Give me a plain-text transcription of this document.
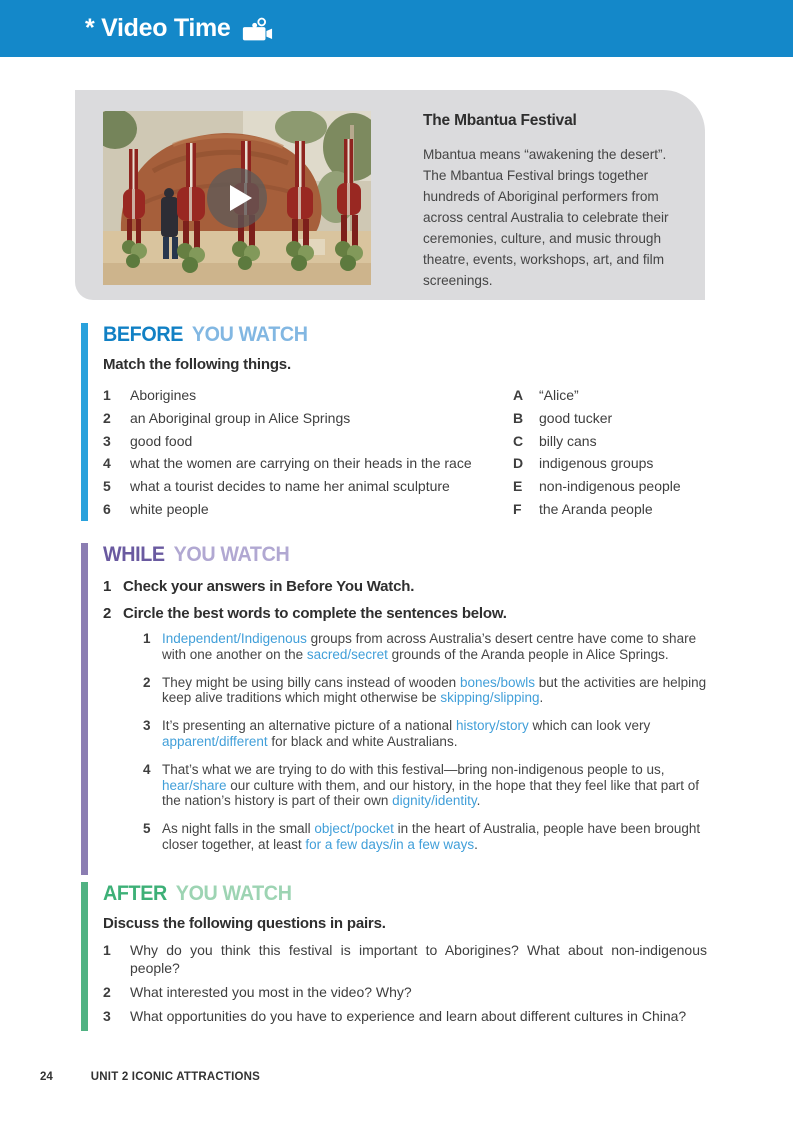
* Video Time
The Mbantua Festival

Mbantua means “awakening the desert”. The Mbantua Festival brings together hundreds of Aboriginal performers from across central Australia to celebrate their ceremonies, culture, and music through theatre, events, workshops, art, and film screenings.

BEFORE YOU WATCH

Match the following things.

1	Aborigines
2	an Aboriginal group in Alice Springs
3	good food
4	what the women are carrying on their heads in the race
5	what a tourist decides to name her animal sculpture
6	white people
A	“Alice”
B	good tucker
C	billy cans
D	indigenous groups
E	non-indigenous people
F	the Aranda people
WHILE YOU WATCH
1 Check your answers in Before You Watch.
2 Circle the best words to complete the sentences below.
1 Independent/Indigenous groups from across Australia’s desert centre have come to share with one another on the sacred/secret grounds of the Aranda people in Alice Springs.

2 They might be using billy cans instead of wooden bones/bowls but the activities are helping keep alive traditions which might otherwise be skipping/slipping.

3 It’s presenting an alternative picture of a national history/story which can look very apparent/different for black and white Australians.

4 That’s what we are trying to do with this festival—bring non-indigenous people to us, hear/share our culture with them, and our history, in the hope that they feel like that part of the nation’s history is part of their own dignity/identity.

5 As night falls in the small object/pocket in the heart of Australia, people have been brought closer together, at least for a few days/in a few ways.

AFTER YOU WATCH

Discuss the following questions in pairs.

1	Why do you think this festival is important to Aborigines? What about non-indigenous people?

2	What interested you most in the video? Why?

3	What opportunities do you have to experience and learn about different cultures in China?

24	UNIT 2 ICONIC ATTRACTIONS
